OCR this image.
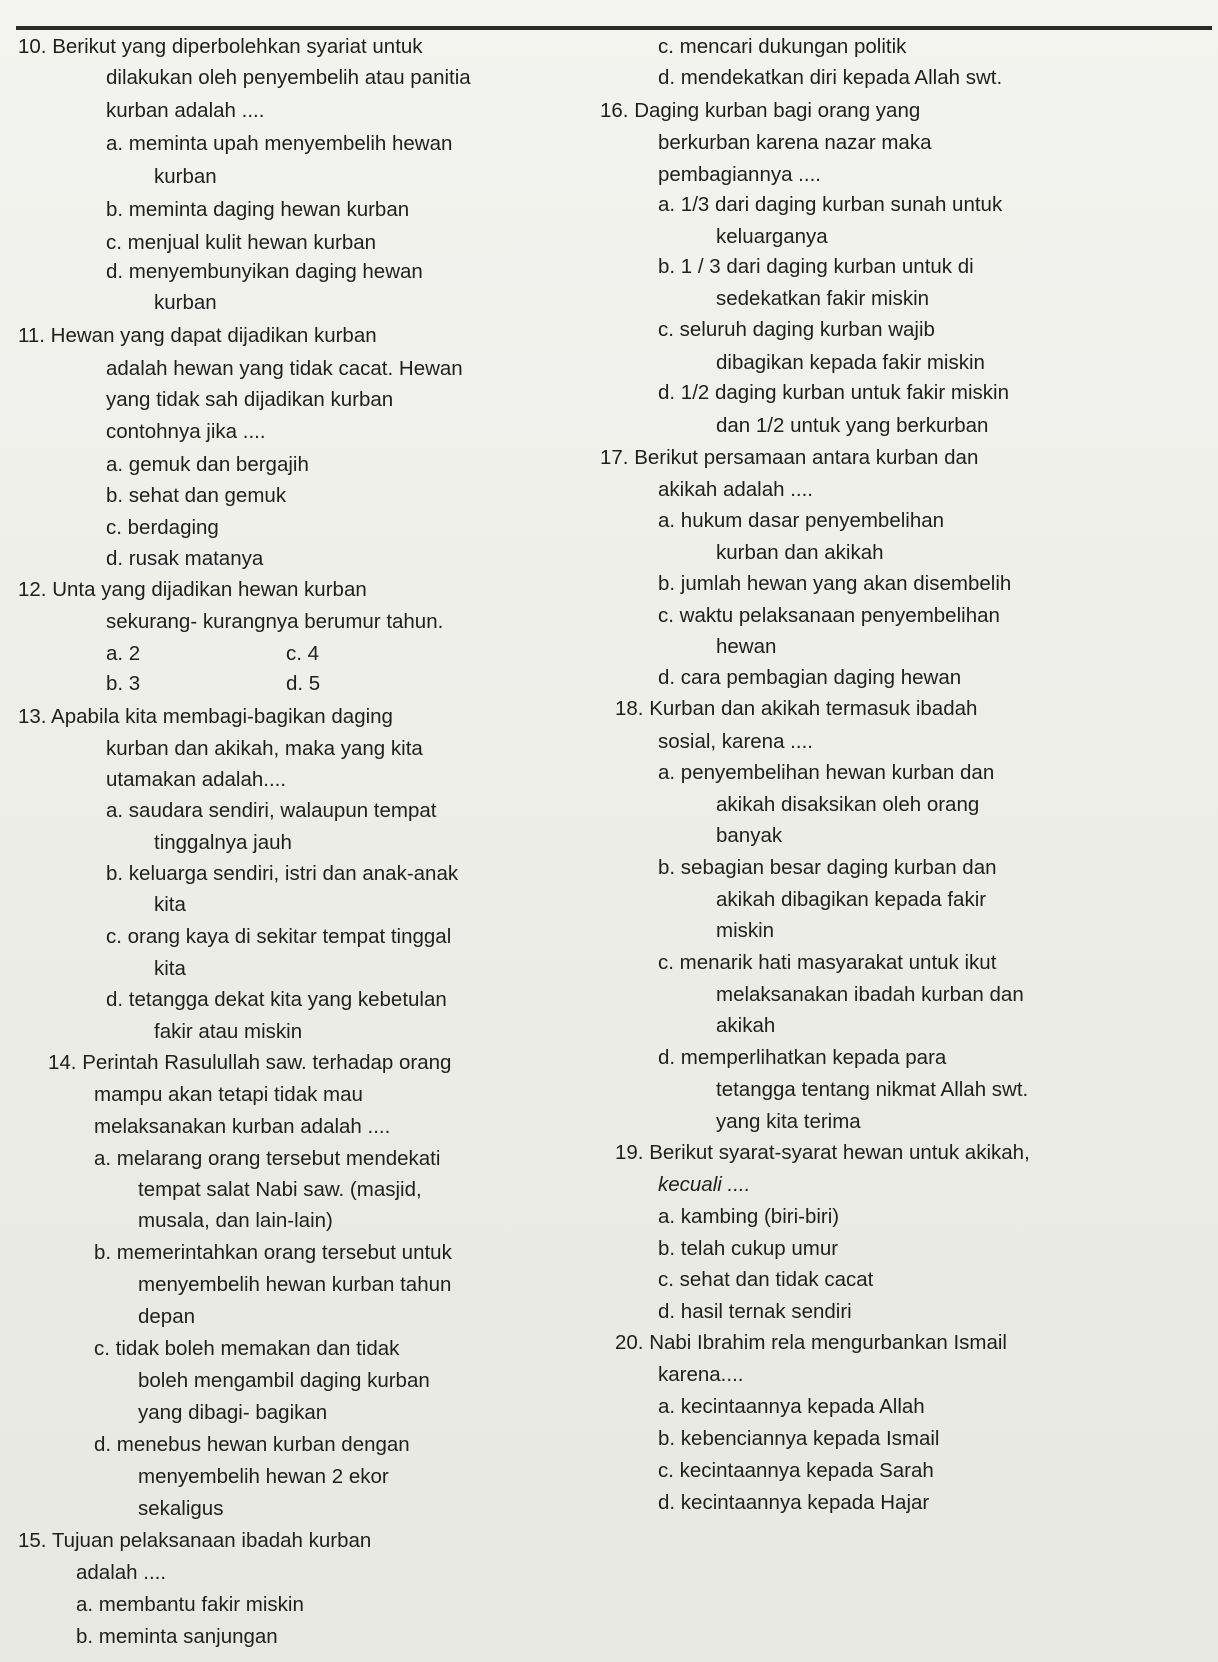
10. Berikut yang diperbolehkan syariat untuk
dilakukan oleh penyembelih atau panitia
kurban adalah ....
a. meminta upah menyembelih hewan
kurban
b. meminta daging hewan kurban
c. menjual kulit hewan kurban
d. menyembunyikan daging hewan
kurban
11. Hewan yang dapat dijadikan kurban
adalah hewan yang tidak cacat. Hewan
yang tidak sah dijadikan kurban
contohnya jika ....
a. gemuk dan bergajih
b. sehat dan gemuk
c. berdaging
d. rusak matanya
12. Unta yang dijadikan hewan kurban
sekurang- kurangnya berumur tahun.
a. 2	c. 4
b. 3	d. 5
13. Apabila kita membagi-bagikan daging
kurban dan akikah, maka yang kita
utamakan adalah....
a. saudara sendiri, walaupun tempat
tinggalnya jauh
b. keluarga sendiri, istri dan anak-anak
kita
c. orang kaya di sekitar tempat tinggal
kita
d. tetangga dekat kita yang kebetulan
fakir atau miskin
14. Perintah Rasulullah saw. terhadap orang
mampu akan tetapi tidak mau
melaksanakan kurban adalah ....
a. melarang orang tersebut mendekati
tempat salat Nabi saw. (masjid,
musala, dan lain-lain)
b. memerintahkan orang tersebut untuk
menyembelih hewan kurban tahun
depan
c. tidak boleh memakan dan tidak
boleh mengambil daging kurban
yang dibagi- bagikan
d. menebus hewan kurban dengan
menyembelih hewan 2 ekor
sekaligus
15. Tujuan pelaksanaan ibadah kurban
adalah ....
a. membantu fakir miskin
b. meminta sanjungan
c. mencari dukungan politik
d. mendekatkan diri kepada Allah swt.
16. Daging kurban bagi orang yang
berkurban karena nazar maka
pembagiannya ....
a. 1/3 dari daging kurban sunah untuk
keluarganya
b. 1 / 3 dari daging kurban untuk di
sedekatkan fakir miskin
c. seluruh daging kurban wajib
dibagikan kepada fakir miskin
d. 1/2 daging kurban untuk fakir miskin
dan 1/2 untuk yang berkurban
17. Berikut persamaan antara kurban dan
akikah adalah ....
a. hukum dasar penyembelihan
kurban dan akikah
b. jumlah hewan yang akan disembelih
c. waktu pelaksanaan penyembelihan
hewan
d. cara pembagian daging hewan
18. Kurban dan akikah termasuk ibadah
sosial, karena ....
a. penyembelihan hewan kurban dan
akikah disaksikan oleh orang
banyak
b. sebagian besar daging kurban dan
akikah dibagikan kepada fakir
miskin
c. menarik hati masyarakat untuk ikut
melaksanakan ibadah kurban dan
akikah
d. memperlihatkan kepada para
tetangga tentang nikmat Allah swt.
yang kita terima
19. Berikut syarat-syarat hewan untuk akikah,
kecuali ....
a. kambing (biri-biri)
b. telah cukup umur
c. sehat dan tidak cacat
d. hasil ternak sendiri
20. Nabi Ibrahim rela mengurbankan Ismail
karena....
a. kecintaannya kepada Allah
b. kebenciannya kepada Ismail
c. kecintaannya kepada Sarah
d. kecintaannya kepada Hajar
